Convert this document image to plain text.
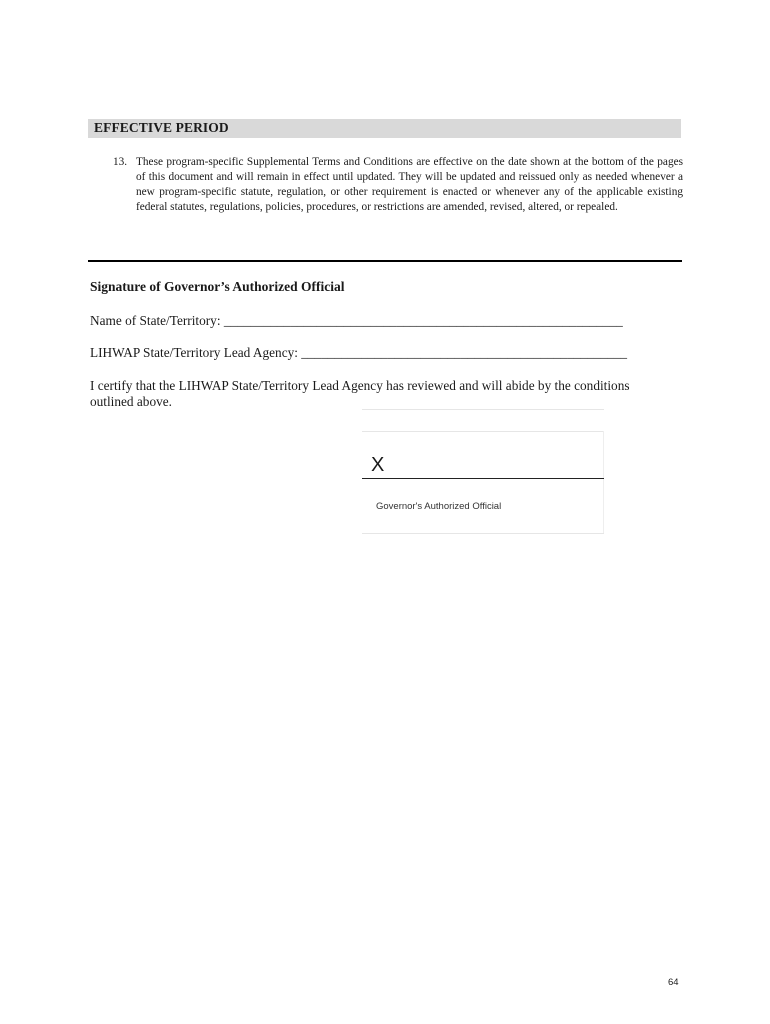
EFFECTIVE PERIOD
13. These program-specific Supplemental Terms and Conditions are effective on the date shown at the bottom of the pages of this document and will remain in effect until updated. They will be updated and reissued only as needed whenever a new program-specific statute, regulation, or other requirement is enacted or whenever any of the applicable existing federal statutes, regulations, policies, procedures, or restrictions are amended, revised, altered, or repealed.
Signature of Governor’s Authorized Official
Name of State/Territory: ____________________________________________________________
LIHWAP State/Territory Lead Agency: _________________________________________________
I certify that the LIHWAP State/Territory Lead Agency has reviewed and will abide by the conditions outlined above.
X
Governor's Authorized Official
64
